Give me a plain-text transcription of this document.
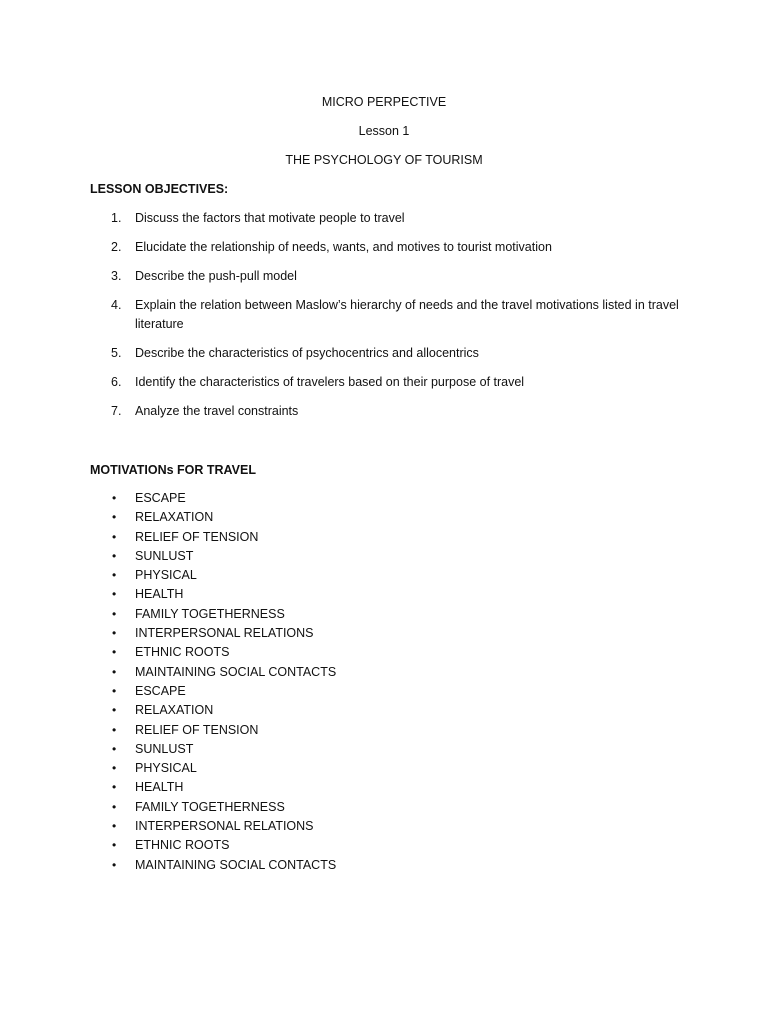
MICRO PERPECTIVE
Lesson 1
THE PSYCHOLOGY OF TOURISM
LESSON OBJECTIVES:
1. Discuss the factors that motivate people to travel
2. Elucidate the relationship of needs, wants, and motives to tourist motivation
3. Describe the push-pull model
4. Explain the relation between Maslow’s hierarchy of needs and the travel motivations listed in travel literature
5. Describe the characteristics of psychocentrics and allocentrics
6. Identify the characteristics of travelers based on their purpose of travel
7. Analyze the travel constraints
MOTIVATIONs FOR TRAVEL
• ESCAPE
• RELAXATION
• RELIEF OF TENSION
• SUNLUST
• PHYSICAL
• HEALTH
• FAMILY TOGETHERNESS
• INTERPERSONAL RELATIONS
• ETHNIC ROOTS
• MAINTAINING SOCIAL CONTACTS
• ESCAPE
• RELAXATION
• RELIEF OF TENSION
• SUNLUST
• PHYSICAL
• HEALTH
• FAMILY TOGETHERNESS
• INTERPERSONAL RELATIONS
• ETHNIC ROOTS
• MAINTAINING SOCIAL CONTACTS
